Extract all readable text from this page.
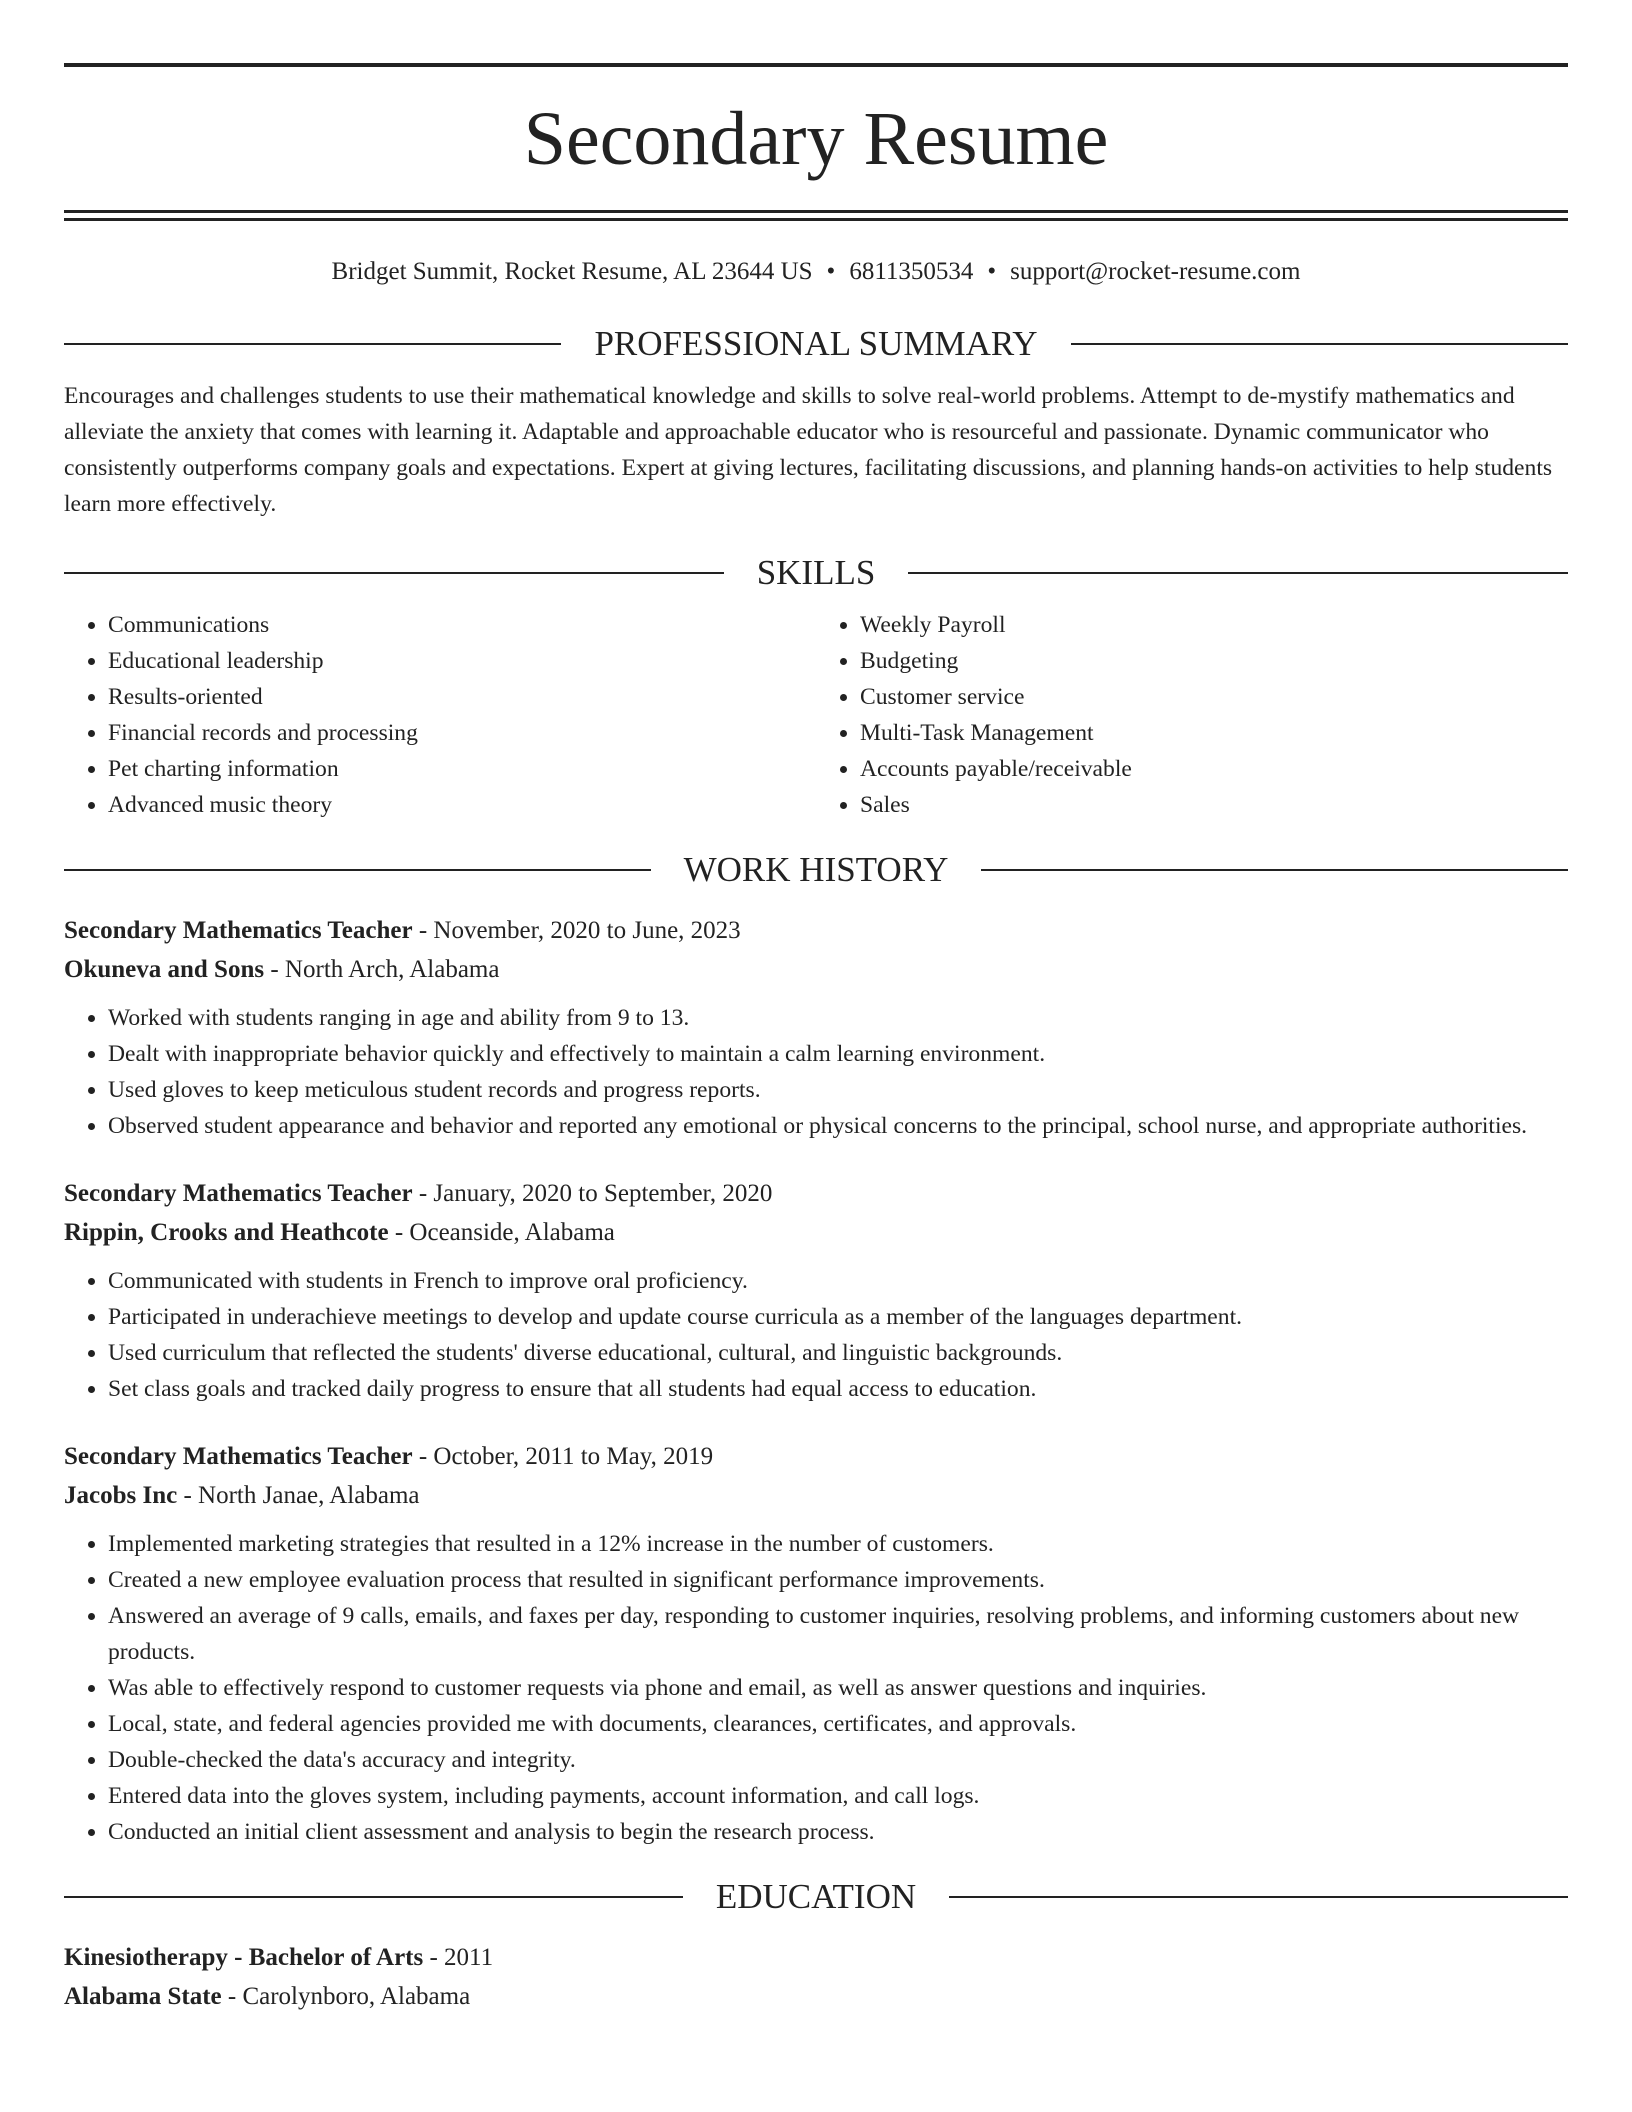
Secondary Resume
Bridget Summit, Rocket Resume, AL 23644 US • 6811350534 • support@rocket-resume.com
PROFESSIONAL SUMMARY
Encourages and challenges students to use their mathematical knowledge and skills to solve real-world problems. Attempt to de-mystify mathematics and alleviate the anxiety that comes with learning it. Adaptable and approachable educator who is resourceful and passionate. Dynamic communicator who consistently outperforms company goals and expectations. Expert at giving lectures, facilitating discussions, and planning hands-on activities to help students learn more effectively.
SKILLS
• Communications
• Educational leadership
• Results-oriented
• Financial records and processing
• Pet charting information
• Advanced music theory
• Weekly Payroll
• Budgeting
• Customer service
• Multi-Task Management
• Accounts payable/receivable
• Sales
WORK HISTORY
Secondary Mathematics Teacher - November, 2020 to June, 2023
Okuneva and Sons - North Arch, Alabama
• Worked with students ranging in age and ability from 9 to 13.
• Dealt with inappropriate behavior quickly and effectively to maintain a calm learning environment.
• Used gloves to keep meticulous student records and progress reports.
• Observed student appearance and behavior and reported any emotional or physical concerns to the principal, school nurse, and appropriate authorities.
Secondary Mathematics Teacher - January, 2020 to September, 2020
Rippin, Crooks and Heathcote - Oceanside, Alabama
• Communicated with students in French to improve oral proficiency.
• Participated in underachieve meetings to develop and update course curricula as a member of the languages department.
• Used curriculum that reflected the students' diverse educational, cultural, and linguistic backgrounds.
• Set class goals and tracked daily progress to ensure that all students had equal access to education.
Secondary Mathematics Teacher - October, 2011 to May, 2019
Jacobs Inc - North Janae, Alabama
• Implemented marketing strategies that resulted in a 12% increase in the number of customers.
• Created a new employee evaluation process that resulted in significant performance improvements.
• Answered an average of 9 calls, emails, and faxes per day, responding to customer inquiries, resolving problems, and informing customers about new products.
• Was able to effectively respond to customer requests via phone and email, as well as answer questions and inquiries.
• Local, state, and federal agencies provided me with documents, clearances, certificates, and approvals.
• Double-checked the data's accuracy and integrity.
• Entered data into the gloves system, including payments, account information, and call logs.
• Conducted an initial client assessment and analysis to begin the research process.
EDUCATION
Kinesiotherapy - Bachelor of Arts - 2011
Alabama State - Carolynboro, Alabama
